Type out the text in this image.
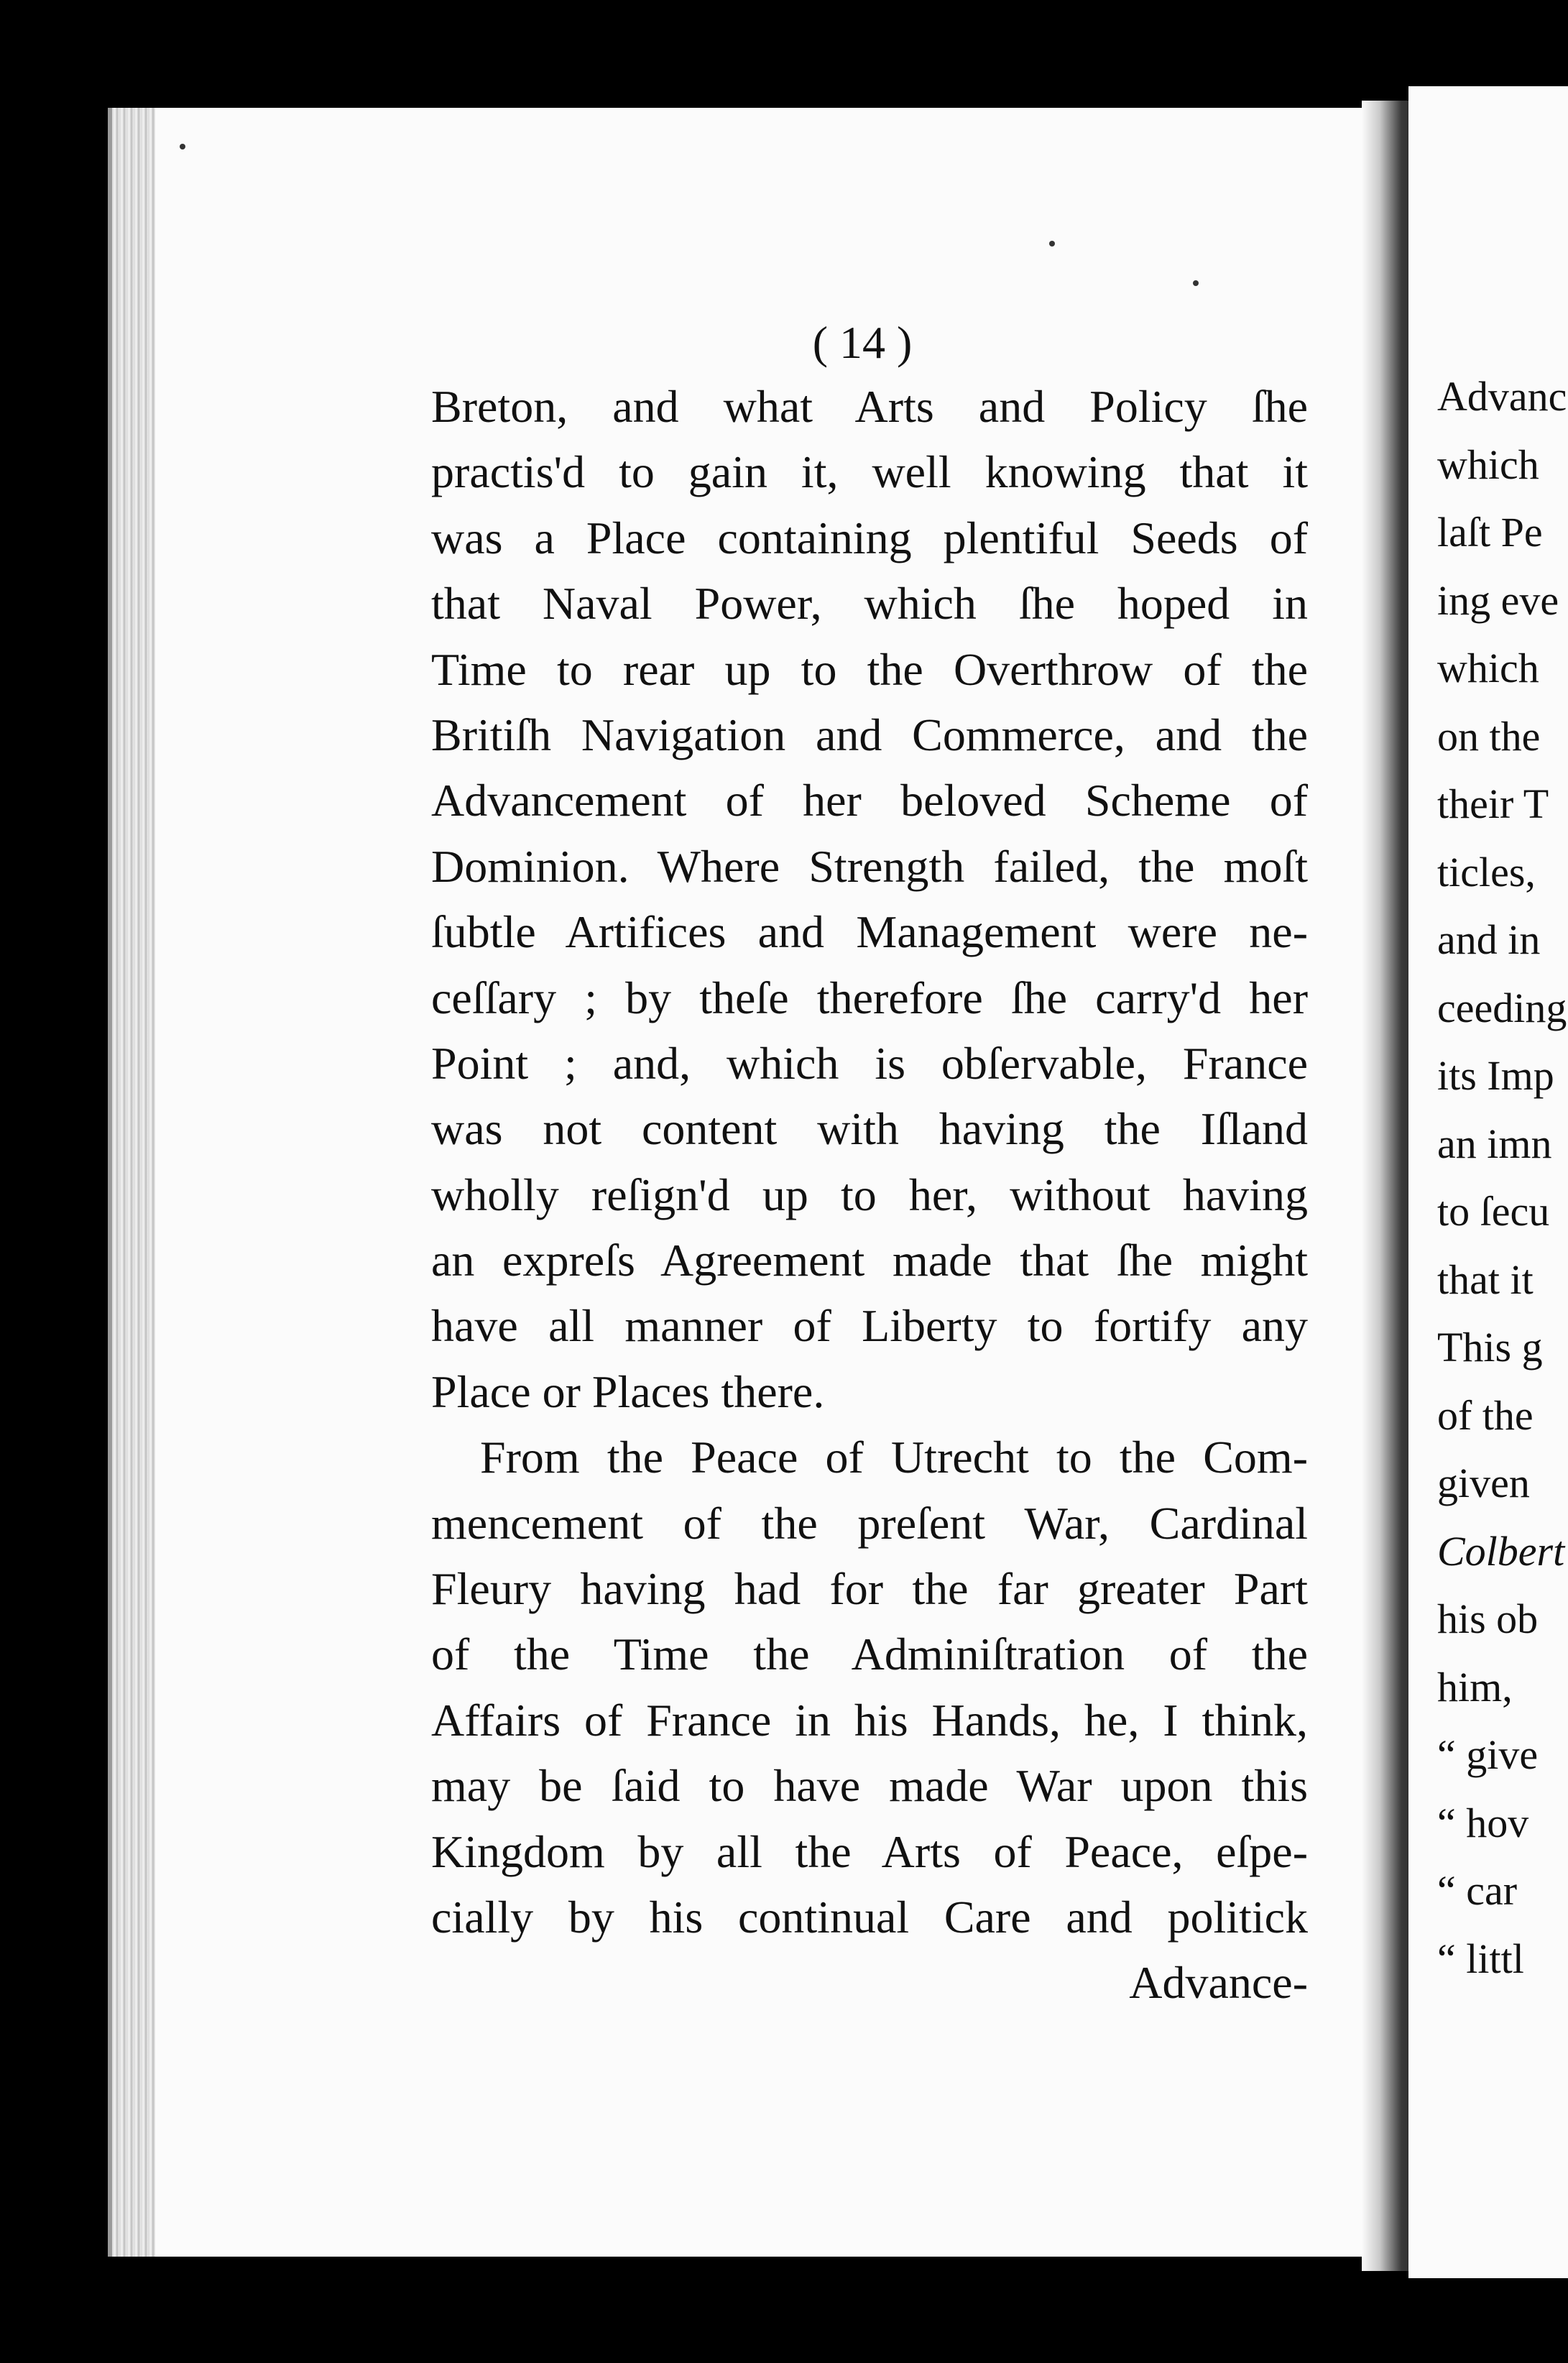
( 14 )
Breton, and what Arts and Policy ſhe
practis'd to gain it, well knowing that it
was a Place containing plentiful Seeds of
that Naval Power, which ſhe hoped in
Time to rear up to the Overthrow of the
Britiſh Navigation and Commerce, and the
Advancement of her beloved Scheme of
Dominion. Where Strength failed, the moſt
ſubtle Artifices and Management were ne-
ceſſary ; by theſe therefore ſhe carry'd her
Point ; and, which is obſervable, France
was not content with having the Iſland
wholly reſign'd up to her, without having
an expreſs Agreement made that ſhe might
have all manner of Liberty to fortify any
Place or Places there.
From the Peace of Utrecht to the Com-
mencement of the preſent War, Cardinal
Fleury having had for the far greater Part
of the Time the Adminiſtration of the
Affairs of France in his Hands, he, I think,
may be ſaid to have made War upon this
Kingdom by all the Arts of Peace, eſpe-
cially by his continual Care and politick
Advance-
Advanc
which
laſt Pe
ing eve
which
on the
their T
ticles,
and in
ceeding
its Imp
an imn
to ſecu
that it
This g
of the
given
Colbert
his ob
him,
“ give
“ hov
“ car
“ littl
